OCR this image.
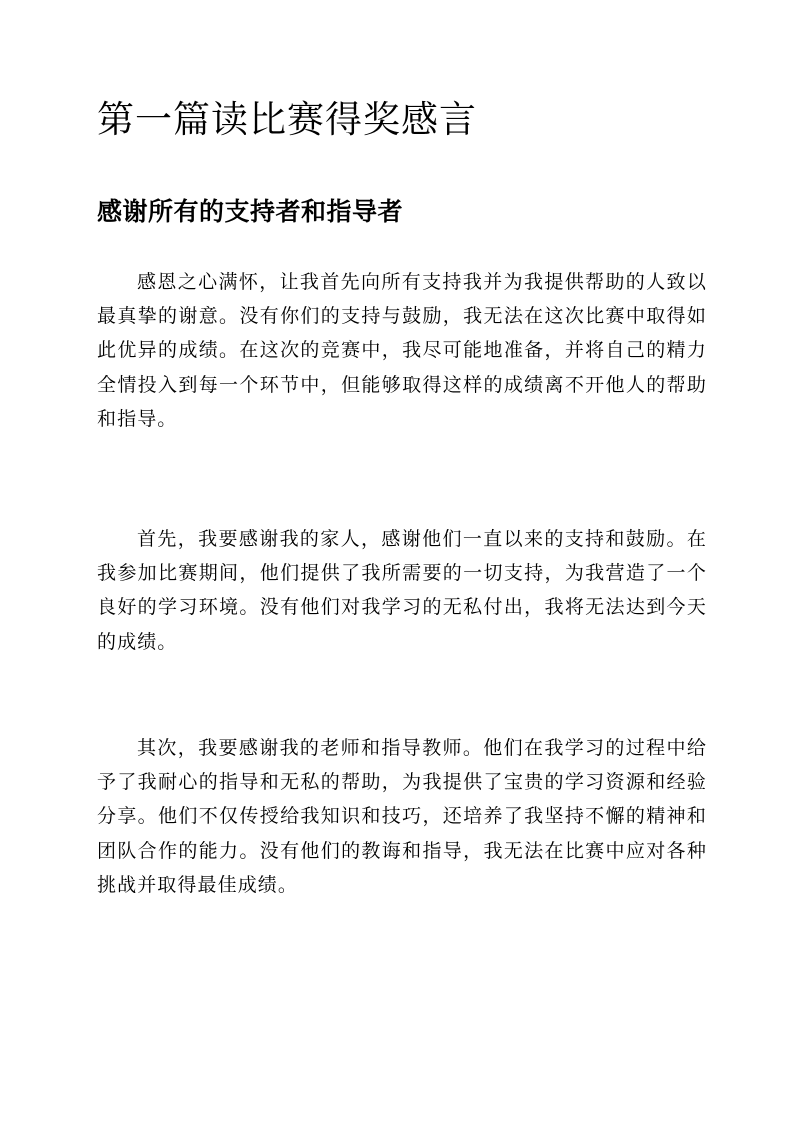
第一篇读比赛得奖感言
感谢所有的支持者和指导者

感恩之心满怀，让我首先向所有支持我并为我提供帮助的人致以最真挚的谢意。没有你们的支持与鼓励，我无法在这次比赛中取得如此优异的成绩。在这次的竞赛中，我尽可能地准备，并将自己的精力全情投入到每一个环节中，但能够取得这样的成绩离不开他人的帮助和指导。

首先，我要感谢我的家人，感谢他们一直以来的支持和鼓励。在我参加比赛期间，他们提供了我所需要的一切支持，为我营造了一个良好的学习环境。没有他们对我学习的无私付出，我将无法达到今天的成绩。

其次，我要感谢我的老师和指导教师。他们在我学习的过程中给予了我耐心的指导和无私的帮助，为我提供了宝贵的学习资源和经验分享。他们不仅传授给我知识和技巧，还培养了我坚持不懈的精神和团队合作的能力。没有他们的教诲和指导，我无法在比赛中应对各种挑战并取得最佳成绩。
